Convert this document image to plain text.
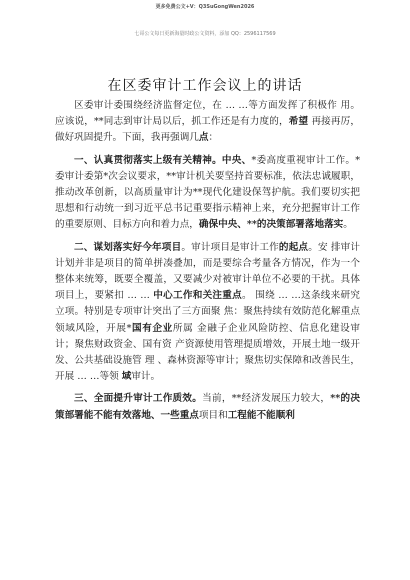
更多免费公文+V：Q3SuGongWen2026
七哥公文每日更新海量时政公文资料，添加 QQ：2596117569
在区委审计工作会议上的讲话

区委审计委围绕经济监督定位，在 … …等方面发挥了积极作 用。应该说，**同志到审计局以后，抓工作还是有力度的，希望 再接再厉，做好巩固提升。下面，我再强调几点：

一、认真贯彻落实上级有关精神。中央、*委高度重视审计工作。*委审计委第*次会议要求，**审计机关要坚持首要标准，依法忠诚履职，推动改革创新，以高质量审计为**现代化建设保驾护航。我们要切实把思想和行动统一到习近平总书记重要指示精神上来，充分把握审计工作的重要原则、目标方向和着力点，确保中央、**的决策部署落地落实。

二、谋划落实好今年项目。审计项目是审计工作的起点。安 排审计计划并非是项目的简单拼凑叠加，而是要综合考量各方情况，作为一个整体来统筹，既要全覆盖，又要减少对被审计单位不必要的干扰。具体项目上，要紧扣 … … 中心工作和关注重点。 围绕 … …这条线来研究立项。特别是专项审计突出了三方面聚 焦：聚焦持续有效防范化解重点领域风险，开展*国有企业所属 金融子企业风险防控、信息化建设审计；聚焦财政资金、国有资 产资源使用管理提质增效，开展土地一级开发、公共基础设施管 理 、森林资源等审计；聚焦切实保障和改善民生，开展 … …等领 域审计。

三、全面提升审计工作质效。当前，**经济发展压力较大，**的决策部署能不能有效落地、一些重点项目和工程能不能顺利
